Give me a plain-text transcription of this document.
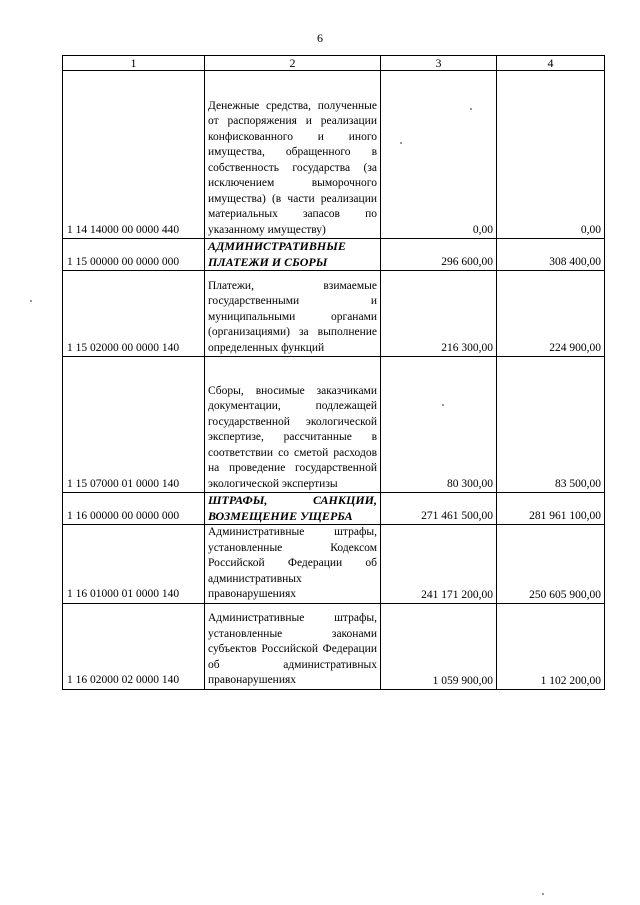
6
1	2	3	4
1 14 14000 00 0000 440	Денежные средства, полученные от распоряжения и реализации конфискованного и иного имущества, обращенного в собственность государства (за исключением выморочного имущества) (в части реализации материальных запасов по указанному имуществу)	0,00	0,00
1 15 00000 00 0000 000	АДМИНИСТРАТИВНЫЕ ПЛАТЕЖИ И СБОРЫ	296 600,00	308 400,00
1 15 02000 00 0000 140	Платежи, взимаемые государственными и муниципальными органами (организациями) за выполнение определенных функций	216 300,00	224 900,00
1 15 07000 01 0000 140	Сборы, вносимые заказчиками документации, подлежащей государственной экологической экспертизе, рассчитанные в соответствии со сметой расходов на проведение государственной экологической экспертизы	80 300,00	83 500,00
1 16 00000 00 0000 000	ШТРАФЫ, САНКЦИИ, ВОЗМЕЩЕНИЕ УЩЕРБА	271 461 500,00	281 961 100,00
1 16 01000 01 0000 140	Административные штрафы, установленные Кодексом Российской Федерации об административных правонарушениях	241 171 200,00	250 605 900,00
1 16 02000 02 0000 140	Административные штрафы, установленные законами субъектов Российской Федерации об административных правонарушениях	1 059 900,00	1 102 200,00
